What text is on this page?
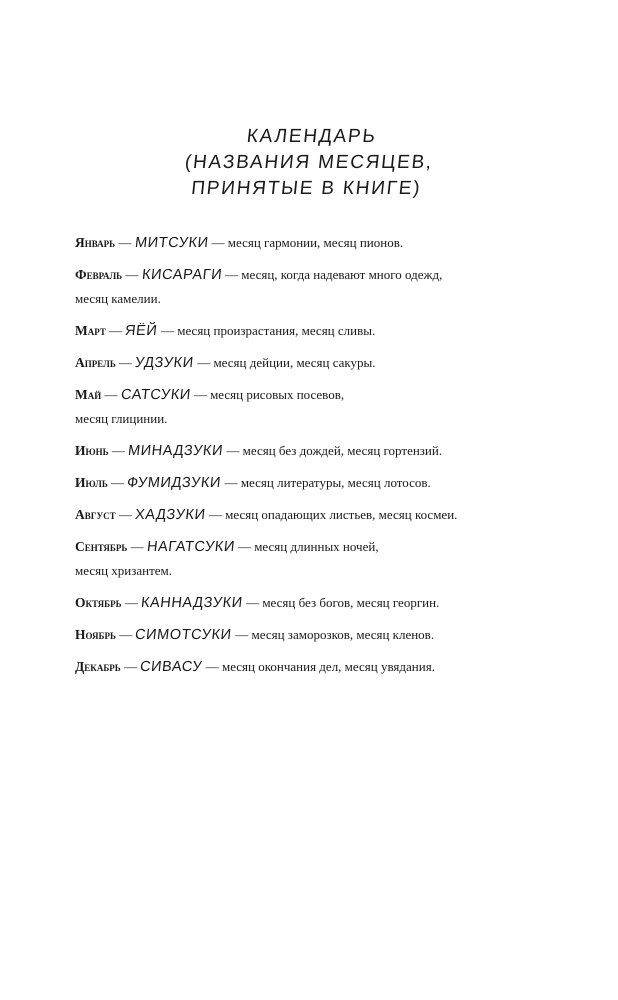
КАЛЕНДАРЬ
(НАЗВАНИЯ МЕСЯЦЕВ,
ПРИНЯТЫЕ В КНИГЕ)
Январь — МИТСУКИ — месяц гармонии, месяц пионов.
Февраль — КИСАРАГИ — месяц, когда надевают много одежд,
месяц камелии.
Март — ЯЁЙ — месяц произрастания, месяц сливы.
Апрель — УДЗУКИ — месяц дейции, месяц сакуры.
Май — САТСУКИ — месяц рисовых посевов,
месяц глицинии.
Июнь — МИНАДЗУКИ — месяц без дождей, месяц гортензий.
Июль — ФУМИДЗУКИ — месяц литературы, месяц лотосов.
Август — ХАДЗУКИ — месяц опадающих листьев, месяц космеи.
Сентябрь — НАГАТСУКИ — месяц длинных ночей,
месяц хризантем.
Октябрь — КАННАДЗУКИ — месяц без богов, месяц георгин.
Ноябрь — СИМОТСУКИ — месяц заморозков, месяц кленов.
Декабрь — СИВАСУ — месяц окончания дел, месяц увядания.
